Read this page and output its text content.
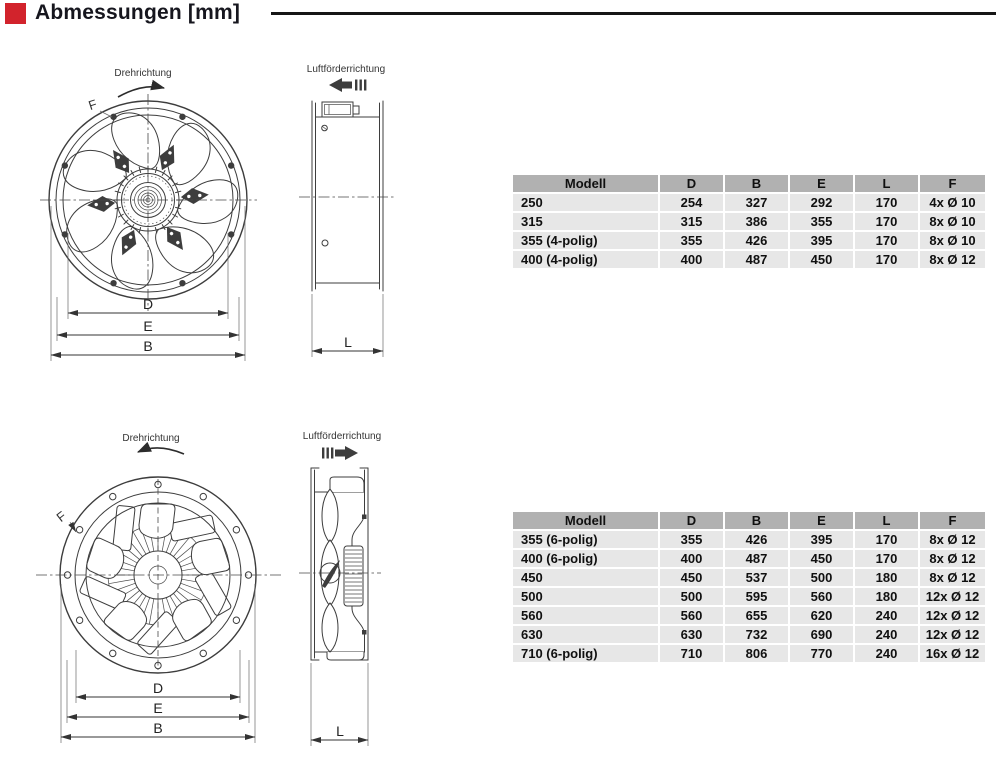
Abmessungen [mm]
Drehrichtung
F
D
E
B
Luftförderrichtung
L
Drehrichtung
F
D
E
B
Luftförderrichtung
L
Modell	D	B	E	L	F
250	254	327	292	170	4x Ø 10
315	315	386	355	170	8x Ø 10
355 (4-polig)	355	426	395	170	8x Ø 10
400 (4-polig)	400	487	450	170	8x Ø 12
Modell	D	B	E	L	F
355 (6-polig)	355	426	395	170	8x Ø 12
400 (6-polig)	400	487	450	170	8x Ø 12
450	450	537	500	180	8x Ø 12
500	500	595	560	180	12x Ø 12
560	560	655	620	240	12x Ø 12
630	630	732	690	240	12x Ø 12
710 (6-polig)	710	806	770	240	16x Ø 12
